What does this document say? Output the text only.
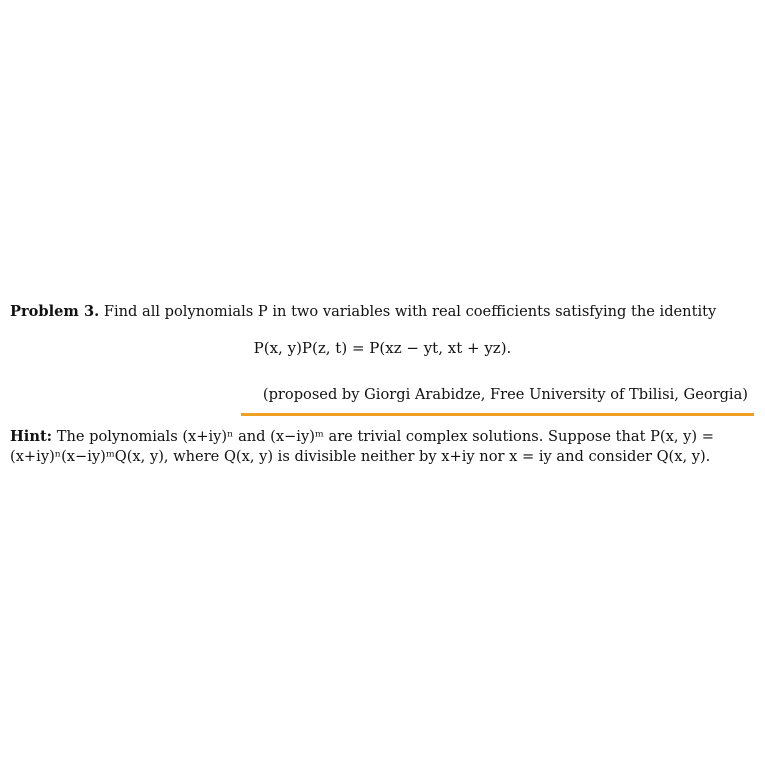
Problem 3. Find all polynomials P in two variables with real coefficients satisfying the identity
P(x, y)P(z, t) = P(xz − yt, xt + yz).
(proposed by Giorgi Arabidze, Free University of Tbilisi, Georgia)
Hint: The polynomials (x+iy)ⁿ and (x−iy)ᵐ are trivial complex solutions. Suppose that P(x, y) =
(x+iy)ⁿ(x−iy)ᵐQ(x, y), where Q(x, y) is divisible neither by x+iy nor x = iy and consider Q(x, y).
